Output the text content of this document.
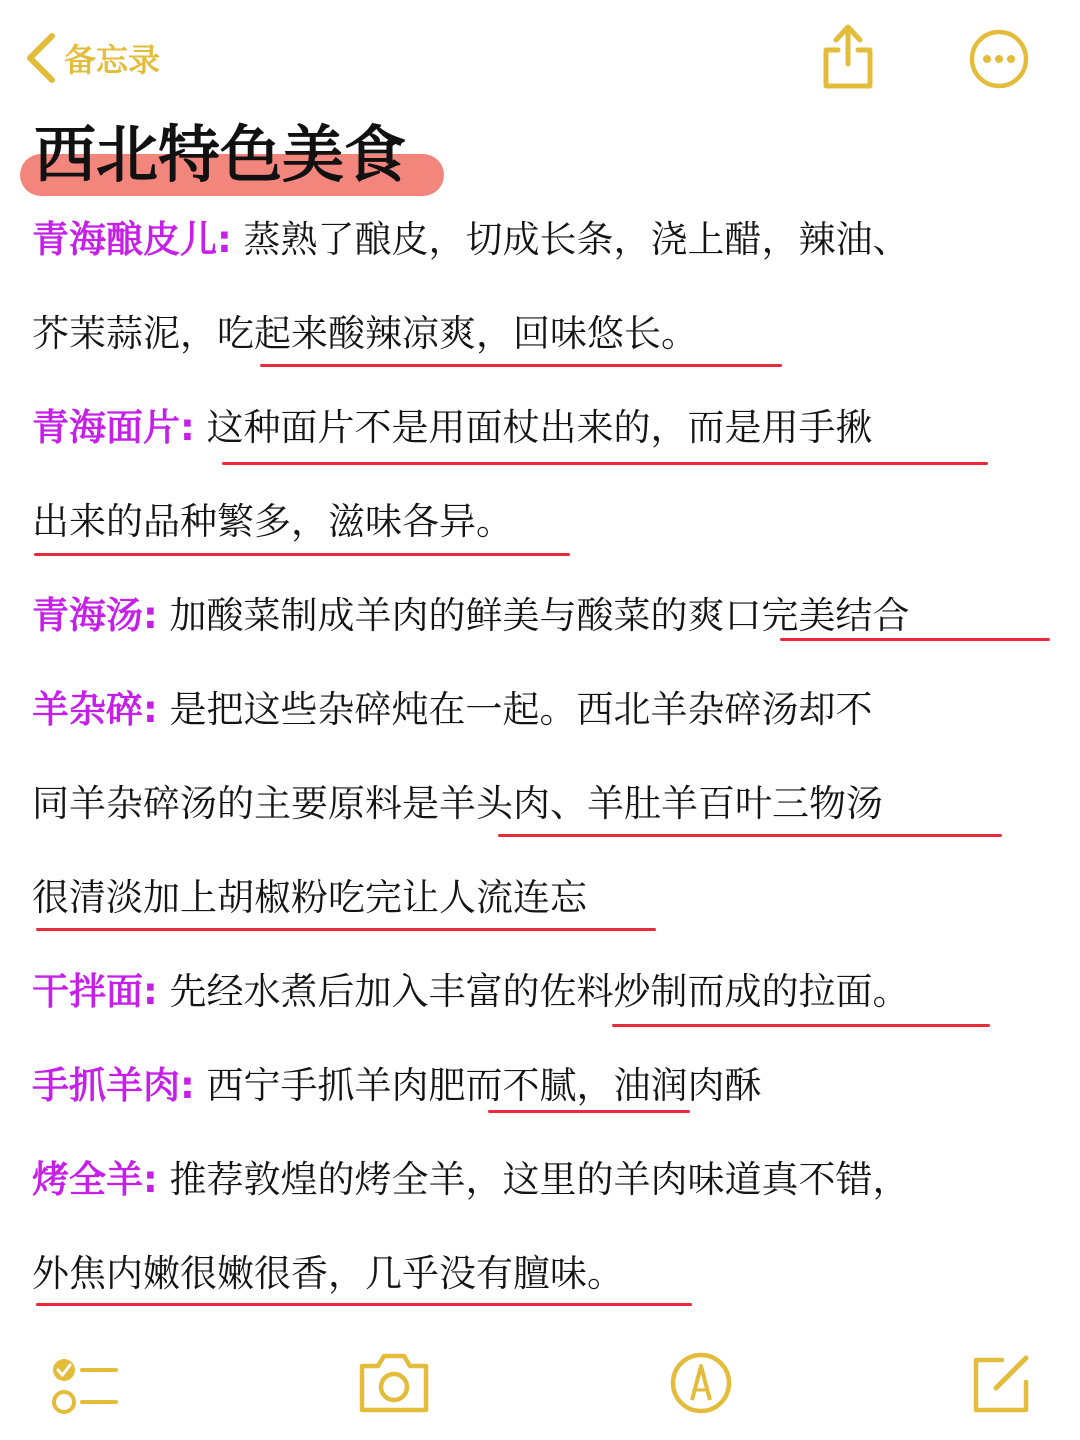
备忘录
西北特色美食
青海酿皮儿: 蒸熟了酿皮，切成长条，浇上醋，辣油、
芥茉蒜泥，吃起来酸辣凉爽，回味悠长。
青海面片: 这种面片不是用面杖出来的，而是用手揪
出来的品种繁多，滋味各异。
青海汤: 加酸菜制成羊肉的鲜美与酸菜的爽口完美结合
羊杂碎: 是把这些杂碎炖在一起。西北羊杂碎汤却不
同羊杂碎汤的主要原料是羊头肉、羊肚羊百叶三物汤
很清淡加上胡椒粉吃完让人流连忘
干拌面: 先经水煮后加入丰富的佐料炒制而成的拉面。
手抓羊肉: 西宁手抓羊肉肥而不腻，油润肉酥
烤全羊: 推荐敦煌的烤全羊，这里的羊肉味道真不错，
外焦内嫩很嫩很香，几乎没有膻味。
